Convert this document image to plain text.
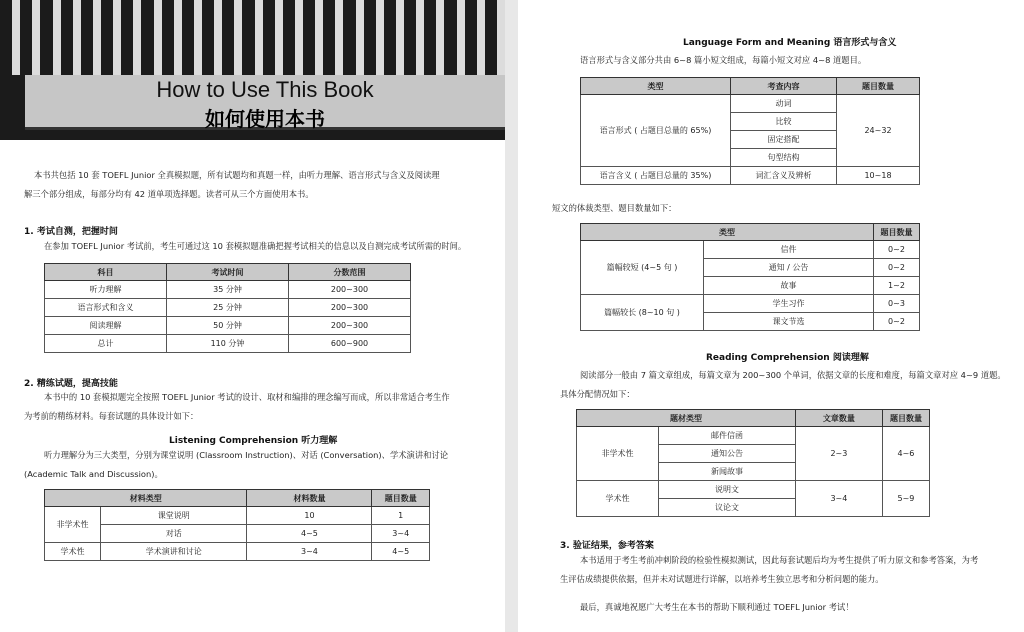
How to Use This Book
如何使用本书
本书共包括 10 套 TOEFL Junior 全真模拟题，所有试题均和真题一样，由听力理解、语言形式与含义及阅读理
解三个部分组成，每部分均有 42 道单项选择题。读者可从三个方面使用本书。
1. 考试自测，把握时间
在参加 TOEFL Junior 考试前，考生可通过这 10 套模拟题准确把握考试相关的信息以及自测完成考试所需的时间。
科目	考试时间	分数范围
听力理解	35 分钟	200~300
语言形式和含义	25 分钟	200~300
阅读理解	50 分钟	200~300
总计	110 分钟	600~900
2. 精练试题，提高技能
本书中的 10 套模拟题完全按照 TOEFL Junior 考试的设计、取材和编排的理念编写而成，所以非常适合考生作
为考前的精练材料。每套试题的具体设计如下：
Listening Comprehension 听力理解
听力理解分为三大类型，分别为课堂说明 (Classroom Instruction)、对话 (Conversation)、学术演讲和讨论
(Academic Talk and Discussion)。
材料类型		材料数量	题目数量
非学术性	课堂说明	10	1
	对话	4~5	3~4
学术性	学术演讲和讨论	3~4	4~5
Language Form and Meaning 语言形式与含义
语言形式与含义部分共由 6~8 篇小短文组成，每篇小短文对应 4~8 道题目。
类型	考查内容	题目数量
语言形式 ( 占题目总量的 65%)	动词	24~32
	比较	
	固定搭配	
	句型结构	
语言含义 ( 占题目总量的 35%)	词汇含义及辨析	10~18
短文的体裁类型、题目数量如下：
类型		题目数量
篇幅较短 (4~5 句 )	信件	0~2
	通知 / 公告	0~2
	故事	1~2
篇幅较长 (8~10 句 )	学生习作	0~3
	课文节选	0~2
Reading Comprehension 阅读理解
阅读部分一般由 7 篇文章组成，每篇文章为 200~300 个单词，依据文章的长度和难度，每篇文章对应 4~9 道题。
具体分配情况如下：
题材类型		文章数量	题目数量
非学术性	邮件信函	2~3	4~6
	通知公告		
	新闻故事		
学术性	说明文	3~4	5~9
	议论文		
3. 验证结果，参考答案
本书适用于考生考前冲刺阶段的检验性模拟测试，因此每套试题后均为考生提供了听力原文和参考答案，为考
生评估成绩提供依据，但并未对试题进行详解，以培养考生独立思考和分析问题的能力。
最后，真诚地祝愿广大考生在本书的帮助下顺利通过 TOEFL Junior 考试！
